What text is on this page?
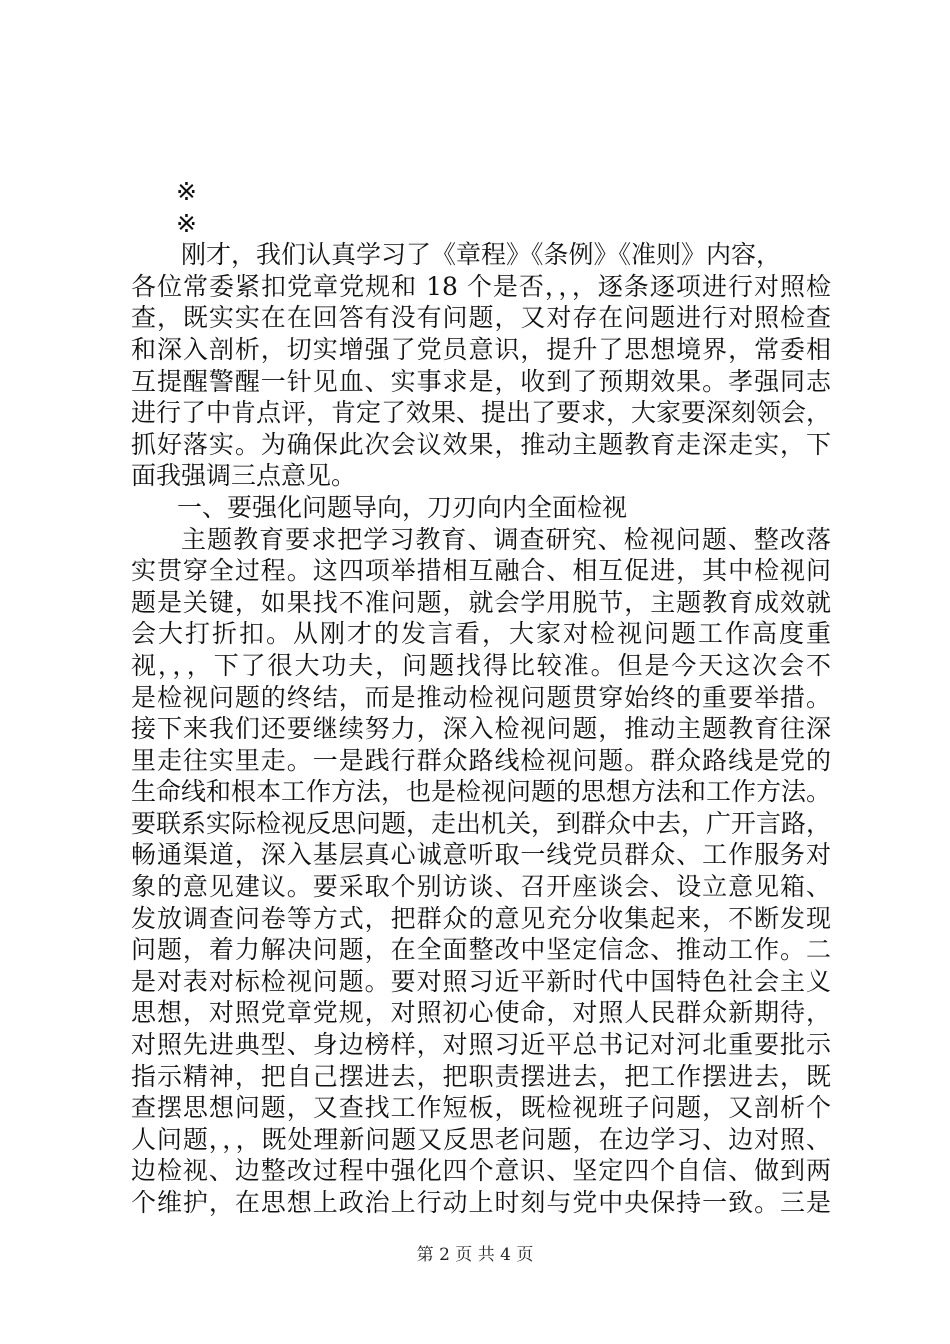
※
※
刚才，我们认真学习了《章程》《条例》《准则》内容，
各位常委紧扣党章党规和 18 个是否，，，逐条逐项进行对照检
查，既实实在在回答有没有问题，又对存在问题进行对照检查
和深入剖析，切实增强了党员意识，提升了思想境界，常委相
互提醒警醒一针见血、实事求是，收到了预期效果。孝强同志
进行了中肯点评，肯定了效果、提出了要求，大家要深刻领会，
抓好落实。为确保此次会议效果，推动主题教育走深走实，下
面我强调三点意见。
一、要强化问题导向，刀刃向内全面检视
主题教育要求把学习教育、调查研究、检视问题、整改落
实贯穿全过程。这四项举措相互融合、相互促进，其中检视问
题是关键，如果找不准问题，就会学用脱节，主题教育成效就
会大打折扣。从刚才的发言看，大家对检视问题工作高度重
视，，，下了很大功夫，问题找得比较准。但是今天这次会不
是检视问题的终结，而是推动检视问题贯穿始终的重要举措。
接下来我们还要继续努力，深入检视问题，推动主题教育往深
里走往实里走。一是践行群众路线检视问题。群众路线是党的
生命线和根本工作方法，也是检视问题的思想方法和工作方法。
要联系实际检视反思问题，走出机关，到群众中去，广开言路，
畅通渠道，深入基层真心诚意听取一线党员群众、工作服务对
象的意见建议。要采取个别访谈、召开座谈会、设立意见箱、
发放调查问卷等方式，把群众的意见充分收集起来，不断发现
问题，着力解决问题，在全面整改中坚定信念、推动工作。二
是对表对标检视问题。要对照习近平新时代中国特色社会主义
思想，对照党章党规，对照初心使命，对照人民群众新期待，
对照先进典型、身边榜样，对照习近平总书记对河北重要批示
指示精神，把自己摆进去，把职责摆进去，把工作摆进去，既
查摆思想问题，又查找工作短板，既检视班子问题，又剖析个
人问题，，，既处理新问题又反思老问题，在边学习、边对照、
边检视、边整改过程中强化四个意识、坚定四个自信、做到两
个维护，在思想上政治上行动上时刻与党中央保持一致。三是
第 2 页 共 4 页
